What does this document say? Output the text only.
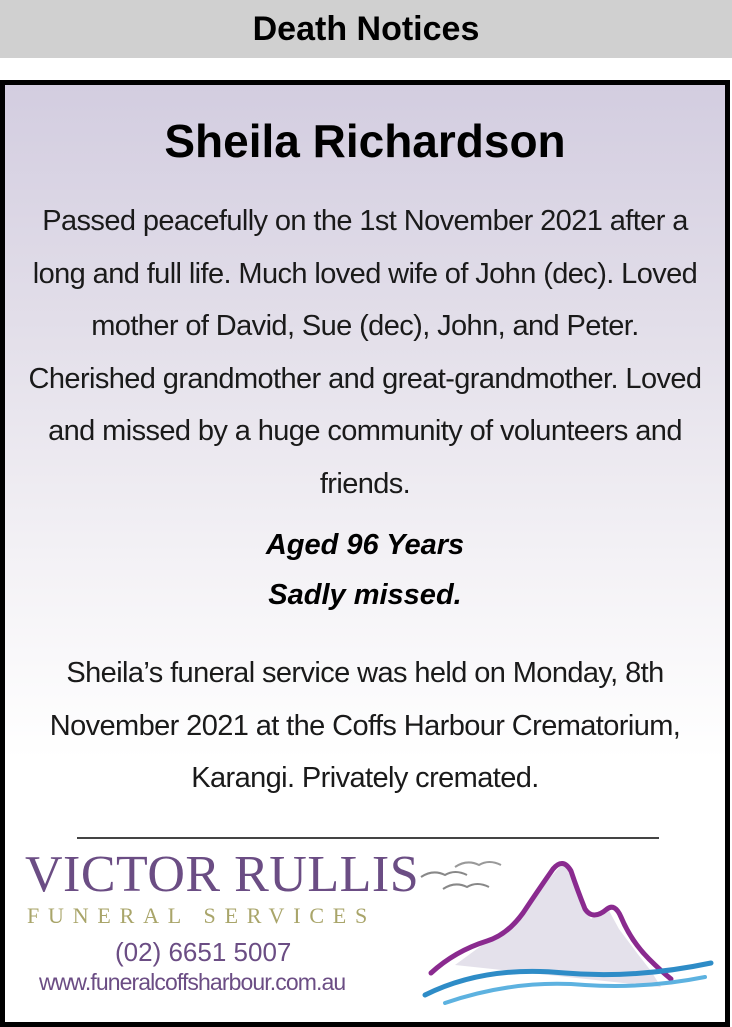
Death Notices
Sheila Richardson

Passed peacefully on the 1st November 2021 after a long and full life. Much loved wife of John (dec). Loved mother of David, Sue (dec), John, and Peter. Cherished grandmother and great-grandmother. Loved and missed by a huge community of volunteers and friends.

Aged 96 Years
Sadly missed.

Sheila’s funeral service was held on Monday, 8th November 2021 at the Coffs Harbour Crematorium, Karangi. Privately cremated.

VICTOR RULLIS
FUNERAL SERVICES
(02) 6651 5007
www.funeralcoffsharbour.com.au
